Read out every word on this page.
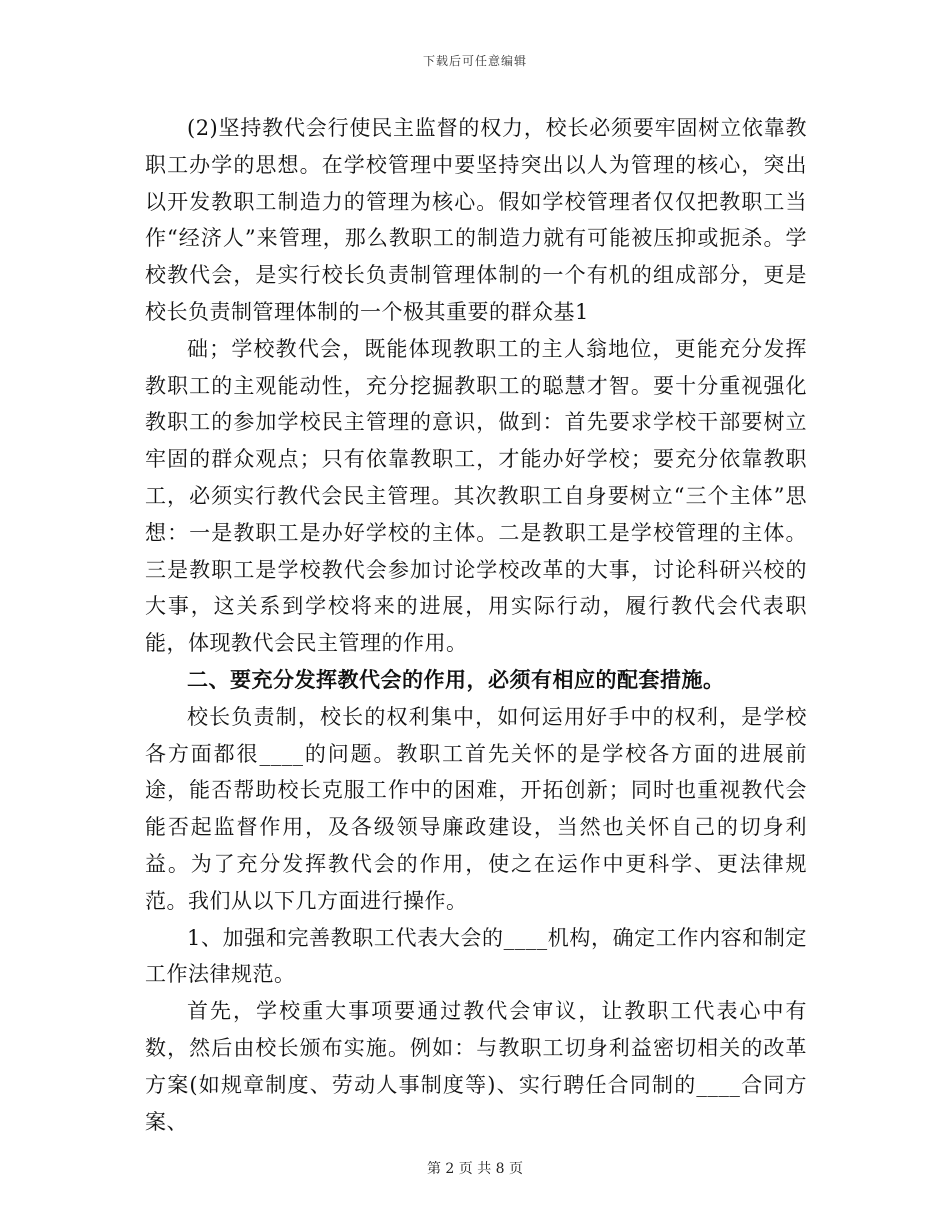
下载后可任意编辑

(2)坚持教代会行使民主监督的权力，校长必须要牢固树立依靠教职工办学的思想。在学校管理中要坚持突出以人为管理的核心，突出以开发教职工制造力的管理为核心。假如学校管理者仅仅把教职工当作“经济人”来管理，那么教职工的制造力就有可能被压抑或扼杀。学校教代会，是实行校长负责制管理体制的一个有机的组成部分，更是校长负责制管理体制的一个极其重要的群众基1

础；学校教代会，既能体现教职工的主人翁地位，更能充分发挥教职工的主观能动性，充分挖掘教职工的聪慧才智。要十分重视强化教职工的参加学校民主管理的意识，做到：首先要求学校干部要树立牢固的群众观点；只有依靠教职工，才能办好学校；要充分依靠教职工，必须实行教代会民主管理。其次教职工自身要树立“三个主体”思想：一是教职工是办好学校的主体。二是教职工是学校管理的主体。三是教职工是学校教代会参加讨论学校改革的大事，讨论科研兴校的大事，这关系到学校将来的进展，用实际行动，履行教代会代表职能，体现教代会民主管理的作用。

二、要充分发挥教代会的作用，必须有相应的配套措施。

校长负责制，校长的权利集中，如何运用好手中的权利，是学校各方面都很____的问题。教职工首先关怀的是学校各方面的进展前途，能否帮助校长克服工作中的困难，开拓创新；同时也重视教代会能否起监督作用，及各级领导廉政建设，当然也关怀自己的切身利益。为了充分发挥教代会的作用，使之在运作中更科学、更法律规范。我们从以下几方面进行操作。

1、加强和完善教职工代表大会的____机构，确定工作内容和制定工作法律规范。

首先，学校重大事项要通过教代会审议，让教职工代表心中有数，然后由校长颁布实施。例如：与教职工切身利益密切相关的改革方案(如规章制度、劳动人事制度等)、实行聘任合同制的____合同方案、

第 2 页 共 8 页
